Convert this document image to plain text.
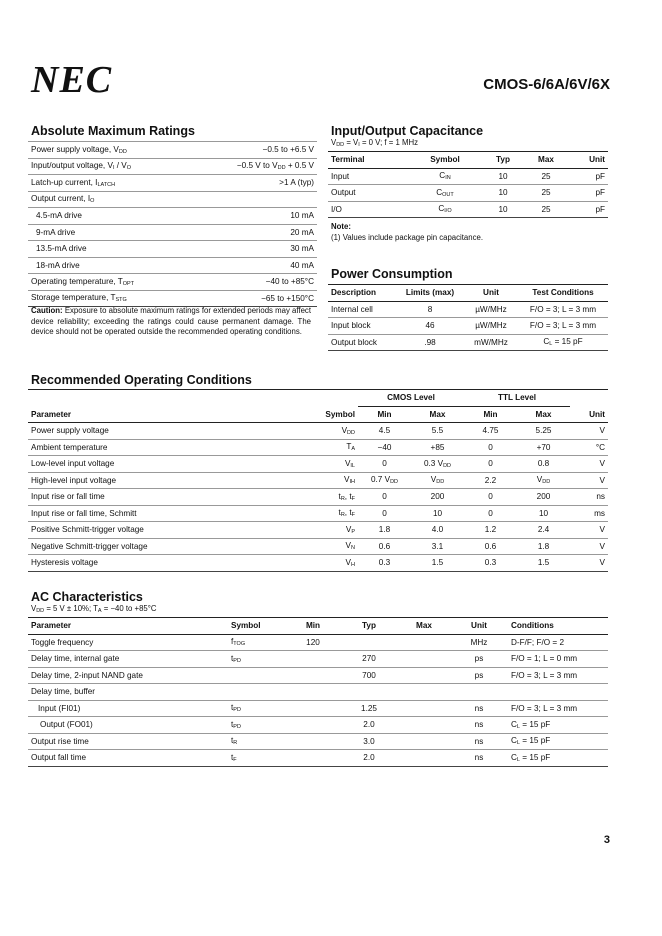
NEC	CMOS-6/6A/6V/6X
Absolute Maximum Ratings
Power supply voltage, $V_{DD}$	−0.5 to +6.5 V
Input/output voltage, $V_I / V_O$	−0.5 V to $V_{DD} + 0.5$ V
Latch-up current, $I_{LATCH}$	>1 A (typ)
Output current, $I_O$	
4.5-mA drive	10 mA
9-mA drive	20 mA
13.5-mA drive	30 mA
18-mA drive	40 mA
Operating temperature, $T_{OPT}$	−40 to +85°C
Storage temperature, $T_{STG}$	−65 to +150°C
Caution: Exposure to absolute maximum ratings for extended periods may affect device reliability; exceeding the ratings could cause permanent damage. The device should not be operated outside the recommended operating conditions.
Input/Output Capacitance
$V_{DD} = V_I = 0$ V; f = 1 MHz
Terminal	Symbol	Typ	Max	Unit
Input	$C_{IN}$	10	25	pF
Output	$C_{OUT}$	10	25	pF
I/O	$C_{I/O}$	10	25	pF
Note:
(1) Values include package pin capacitance.
Power Consumption
Description	Limits (max)	Unit	Test Conditions
Internal cell	8	µW/MHz	F/O = 3; L = 3 mm
Input block	46	µW/MHz	F/O = 3; L = 3 mm
Output block	.98	mW/MHz	$C_L = 15$ pF
Recommended Operating Conditions
		CMOS Level		TTL Level		
Parameter	Symbol	Min	Max	Min	Max	Unit
Power supply voltage	$V_{DD}$	4.5	5.5	4.75	5.25	V
Ambient temperature	$T_A$	−40	+85	0	+70	°C
Low-level input voltage	$V_{IL}$	0	0.3 $V_{DD}$	0	0.8	V
High-level input voltage	$V_{IH}$	0.7 $V_{DD}$	$V_{DD}$	2.2	$V_{DD}$	V
Input rise or fall time	$t_R$, $t_F$	0	200	0	200	ns
Input rise or fall time, Schmitt	$t_R$, $t_F$	0	10	0	10	ms
Positive Schmitt-trigger voltage	$V_P$	1.8	4.0	1.2	2.4	V
Negative Schmitt-trigger voltage	$V_N$	0.6	3.1	0.6	1.8	V
Hysteresis voltage	$V_H$	0.3	1.5	0.3	1.5	V
AC Characteristics
$V_{DD} = 5$ V ± 10%; $T_A = -40$ to +85°C
Parameter	Symbol	Min	Typ	Max	Unit	Conditions
Toggle frequency	$f_{TOG}$	120			MHz	D-F/F; F/O = 2
Delay time, internal gate	$t_{PD}$		270		ps	F/O = 1; L = 0 mm
Delay time, 2-input NAND gate			700		ps	F/O = 3; L = 3 mm
Delay time, buffer						
Input (FI01)	$t_{PD}$		1.25		ns	F/O = 3; L = 3 mm
Output (FO01)	$t_{PD}$		2.0		ns	$C_L = 15$ pF
Output rise time	$t_R$		3.0		ns	$C_L = 15$ pF
Output fall time	$t_F$		2.0		ns	$C_L = 15$ pF
3
